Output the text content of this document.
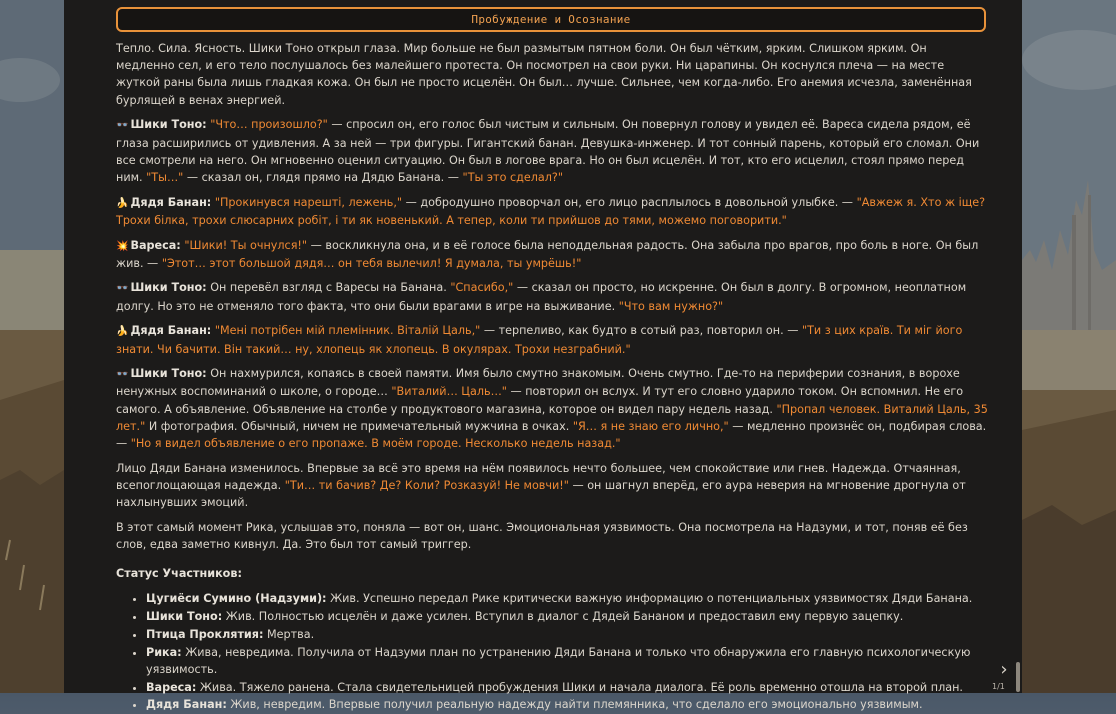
Пробуждение и Осознание

Тепло. Сила. Ясность. Шики Тоно открыл глаза. Мир больше не был размытым пятном боли. Он был чётким, ярким. Слишком ярким. Он медленно сел, и его тело послушалось без малейшего протеста. Он посмотрел на свои руки. Ни царапины. Он коснулся плеча — на месте жуткой раны была лишь гладкая кожа. Он был не просто исцелён. Он был… лучше. Сильнее, чем когда-либо. Его анемия исчезла, заменённая бурлящей в венах энергией.

👓 Шики Тоно: "Что… произошло?" — спросил он, его голос был чистым и сильным. Он повернул голову и увидел её. Вареса сидела рядом, её глаза расширились от удивления. А за ней — три фигуры. Гигантский банан. Девушка-инженер. И тот сонный парень, который его сломал. Они все смотрели на него. Он мгновенно оценил ситуацию. Он был в логове врага. Но он был исцелён. И тот, кто его исцелил, стоял прямо перед ним. "Ты…" — сказал он, глядя прямо на Дядю Банана. — "Ты это сделал?"

🍌 Дядя Банан: "Прокинувся нарешті, лежень," — добродушно проворчал он, его лицо расплылось в довольной улыбке. — "Авжеж я. Хто ж іще? Трохи білка, трохи слюсарних робіт, і ти як новенький. А тепер, коли ти прийшов до тями, можемо поговорити."

💥 Вареса: "Шики! Ты очнулся!" — воскликнула она, и в её голосе была неподдельная радость. Она забыла про врагов, про боль в ноге. Он был жив. — "Этот… этот большой дядя… он тебя вылечил! Я думала, ты умрёшь!"

👓 Шики Тоно: Он перевёл взгляд с Варесы на Банана. "Спасибо," — сказал он просто, но искренне. Он был в долгу. В огромном, неоплатном долгу. Но это не отменяло того факта, что они были врагами в игре на выживание. "Что вам нужно?"

🍌 Дядя Банан: "Мені потрібен мій племінник. Віталій Цаль," — терпеливо, как будто в сотый раз, повторил он. — "Ти з цих країв. Ти міг його знати. Чи бачити. Він такий… ну, хлопець як хлопець. В окулярах. Трохи незграбний."

👓 Шики Тоно: Он нахмурился, копаясь в своей памяти. Имя было смутно знакомым. Очень смутно. Где-то на периферии сознания, в ворохе ненужных воспоминаний о школе, о городе… "Виталий… Цаль…" — повторил он вслух. И тут его словно ударило током. Он вспомнил. Не его самого. А объявление. Объявление на столбе у продуктового магазина, которое он видел пару недель назад. "Пропал человек. Виталий Цаль, 35 лет." И фотография. Обычный, ничем не примечательный мужчина в очках. "Я… я не знаю его лично," — медленно произнёс он, подбирая слова. — "Но я видел объявление о его пропаже. В моём городе. Несколько недель назад."

Лицо Дяди Банана изменилось. Впервые за всё это время на нём появилось нечто большее, чем спокойствие или гнев. Надежда. Отчаянная, всепоглощающая надежда. "Ти… ти бачив? Де? Коли? Розказуй! Не мовчи!" — он шагнул вперёд, его аура неверия на мгновение дрогнула от нахлынувших эмоций.

В этот самый момент Рика, услышав это, поняла — вот он, шанс. Эмоциональная уязвимость. Она посмотрела на Надзуми, и тот, поняв её без слов, едва заметно кивнул. Да. Это был тот самый триггер.

Статус Участников:
• Цугиёси Сумино (Надзуми): Жив. Успешно передал Рике критически важную информацию о потенциальных уязвимостях Дяди Банана.
• Шики Тоно: Жив. Полностью исцелён и даже усилен. Вступил в диалог с Дядей Бананом и предоставил ему первую зацепку.
• Птица Проклятия: Мертва.
• Рика: Жива, невредима. Получила от Надзуми план по устранению Дяди Банана и только что обнаружила его главную психологическую уязвимость.
• Вареса: Жива. Тяжело ранена. Стала свидетельницей пробуждения Шики и начала диалога. Её роль временно отошла на второй план.
• Дядя Банан: Жив, невредим. Впервые получил реальную надежду найти племянника, что сделало его эмоционально уязвимым.
›
1/1
